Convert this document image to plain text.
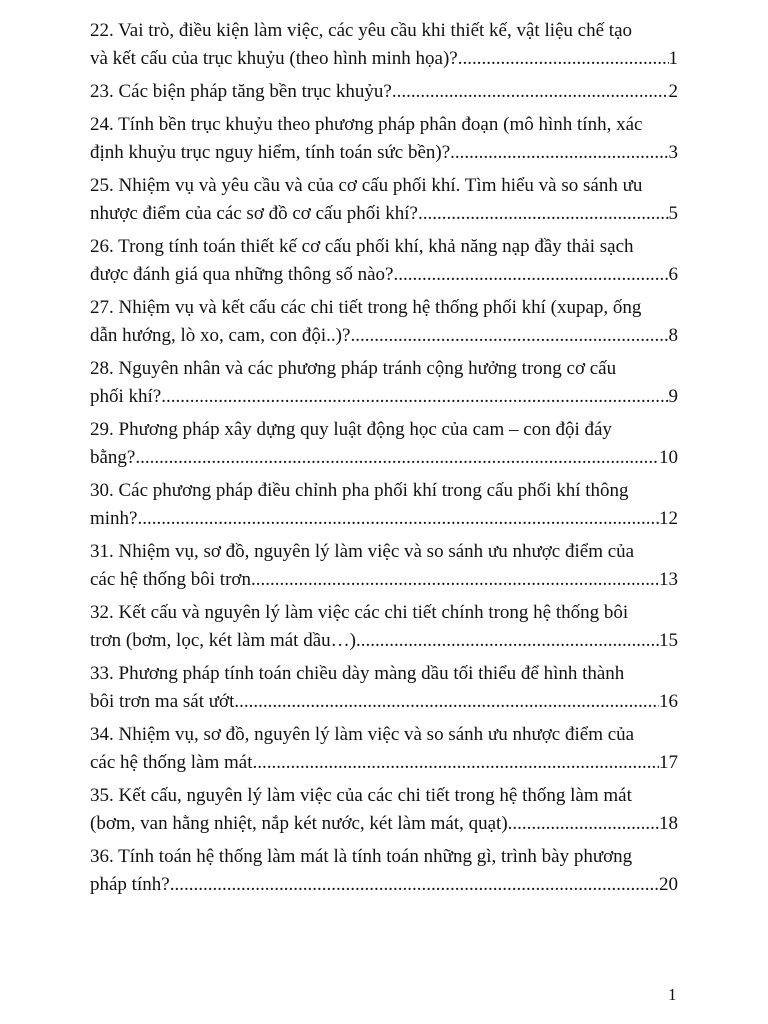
22. Vai trò, điều kiện làm việc, các yêu cầu khi thiết kế, vật liệu chế tạo
và kết cấu của trục khuỷu (theo hình minh họa)? .....	1
23. Các biện pháp tăng bền trục khuỷu? .....	2
24. Tính bền trục khuỷu theo phương pháp phân đoạn (mô hình tính, xác
định khuỷu trục nguy hiểm, tính toán sức bền)? .....	3
25. Nhiệm vụ và yêu cầu và của cơ cấu phối khí. Tìm hiểu và so sánh ưu
nhược điểm của các sơ đồ cơ cấu phối khí? .....	5
26. Trong tính toán thiết kế cơ cấu phối khí, khả năng nạp đầy thải sạch
được đánh giá qua những thông số nào? .....	6
27. Nhiệm vụ và kết cấu các chi tiết trong hệ thống phối khí (xupap, ống
dẫn hướng, lò xo, cam, con đội..)? .....	8
28. Nguyên nhân và các phương pháp tránh cộng hưởng trong cơ cấu
phối khí? .....	9
29. Phương pháp xây dựng quy luật động học của cam – con đội đáy
bằng? .....	10
30. Các phương pháp điều chỉnh pha phối khí trong cấu phối khí thông
minh? .....	12
31. Nhiệm vụ, sơ đồ, nguyên lý làm việc và so sánh ưu nhược điểm của
các hệ thống bôi trơn .....	13
32. Kết cấu và nguyên lý làm việc các chi tiết chính trong hệ thống bôi
trơn (bơm, lọc, két làm mát dầu…) .....	15
33. Phương pháp tính toán chiều dày màng dầu tối thiểu để hình thành
bôi trơn ma sát ướt .....	16
34. Nhiệm vụ, sơ đồ, nguyên lý làm việc và so sánh ưu nhược điểm của
các hệ thống làm mát .....	17
35. Kết cấu, nguyên lý làm việc của các chi tiết trong hệ thống làm mát
(bơm, van hằng nhiệt, nắp két nước, két làm mát, quạt) .....	18
36. Tính toán hệ thống làm mát là tính toán những gì, trình bày phương
pháp tính? .....	20
1
